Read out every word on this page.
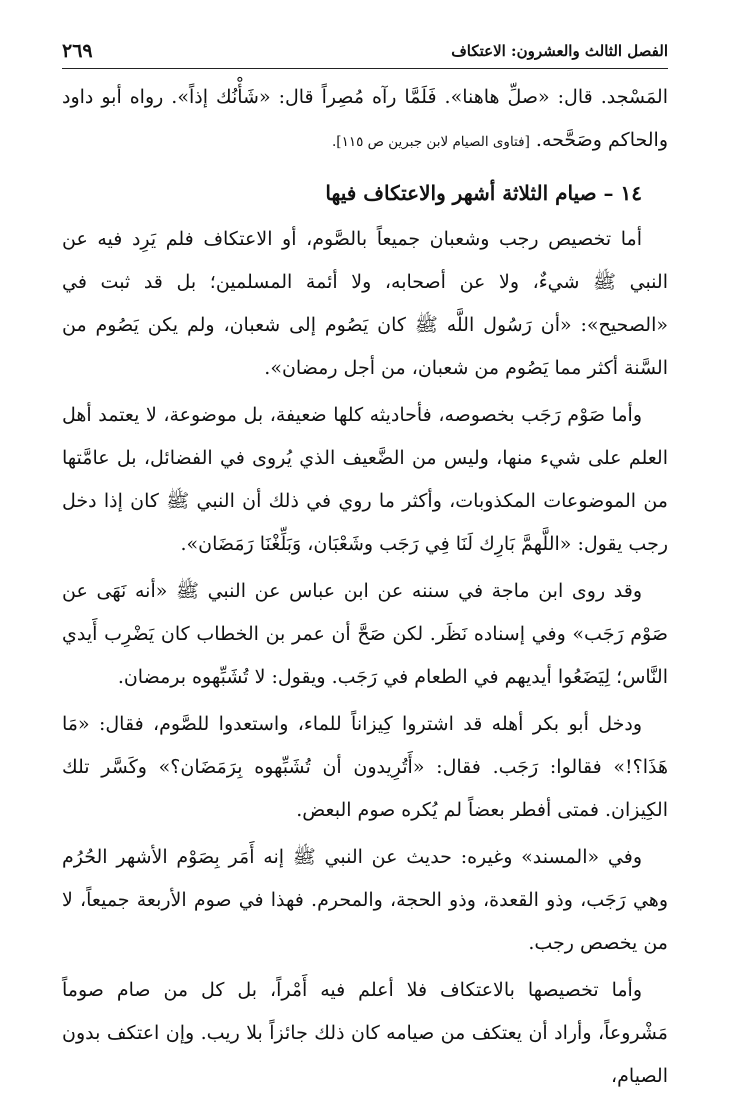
٢٦٩	الفصل الثالث والعشرون: الاعتكاف

المَسْجد. قال: «صلِّ هاهنا». فَلَمَّا رآه مُصِراً قال: «شَأْنُك إذاً». رواه أبو داود والحاكم وصَحَّحه. [فتاوى الصيام لابن جبرين ص ١١٥].

١٤ – صيام الثلاثة أشهر والاعتكاف فيها

أما تخصيص رجب وشعبان جميعاً بالصَّوم، أو الاعتكاف فلم يَرِد فيه عن النبي ﷺ شيءٌ، ولا عن أصحابه، ولا أئمة المسلمين؛ بل قد ثبت في «الصحيح»: «أن رَسُول اللَّه ﷺ كان يَصُوم إلى شعبان، ولم يكن يَصُوم من السَّنة أكثر مما يَصُوم من شعبان، من أجل رمضان».

وأما صَوْم رَجَب بخصوصه، فأحاديثه كلها ضعيفة، بل موضوعة، لا يعتمد أهل العلم على شيء منها، وليس من الضَّعيف الذي يُروى في الفضائل، بل عامَّتها من الموضوعات المكذوبات، وأكثر ما روي في ذلك أن النبي ﷺ كان إذا دخل رجب يقول: «اللَّهمَّ بَارِك لَنَا فِي رَجَب وشَعْبَان، وَبَلِّغْنَا رَمَضَان».

وقد روى ابن ماجة في سننه عن ابن عباس عن النبي ﷺ «أنه نَهَى عن صَوْم رَجَب» وفي إسناده نَظَر. لكن صَحَّ أن عمر بن الخطاب كان يَضْرِب أَيدي النَّاس؛ لِيَضَعُوا أيديهم في الطعام في رَجَب. ويقول: لا تُشَبِّهوه برمضان.

ودخل أبو بكر أهله قد اشتروا كِيزاناً للماء، واستعدوا للصَّوم، فقال: «مَا هَذَا؟!» فقالوا: رَجَب. فقال: «أَتُرِيدون أن تُشَبِّهوه بِرَمَضَان؟» وكَسَّر تلك الكِيزان. فمتى أفطر بعضاً لم يُكره صوم البعض.

وفي «المسند» وغيره: حديث عن النبي ﷺ إنه أَمَر بِصَوْم الأشهر الحُرُم وهي رَجَب، وذو القعدة، وذو الحجة، والمحرم. فهذا في صوم الأربعة جميعاً، لا من يخصص رجب.

وأما تخصيصها بالاعتكاف فلا أعلم فيه أَمْراً، بل كل من صام صوماً مَشْروعاً، وأراد أن يعتكف من صيامه كان ذلك جائزاً بلا ريب. وإن اعتكف بدون الصيام،
